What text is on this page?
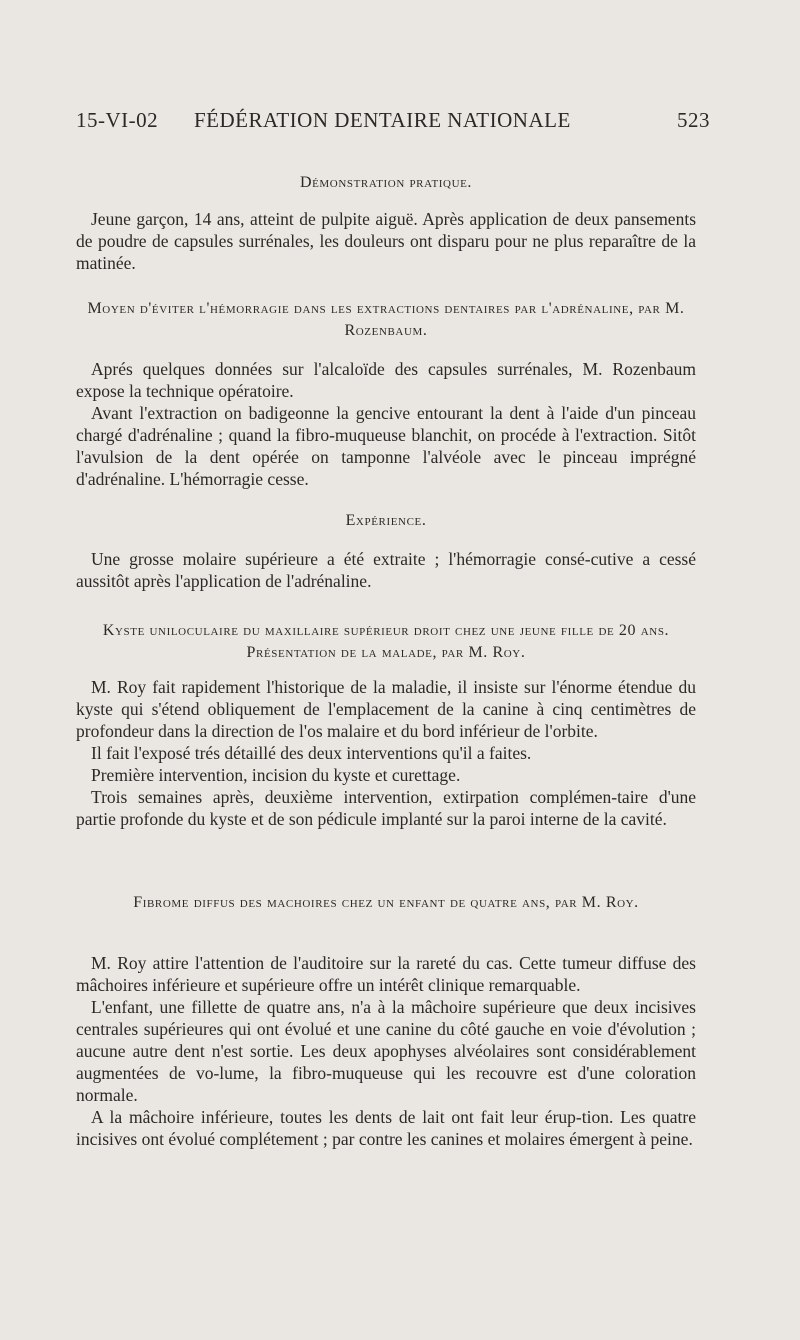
15-VI-02 FÉDÉRATION DENTAIRE NATIONALE	523
Démonstration pratique.

Jeune garçon, 14 ans, atteint de pulpite aiguë. Après application de deux pansements de poudre de capsules surrénales, les douleurs ont disparu pour ne plus reparaître de la matinée.

Moyen d'éviter l'hémorragie dans les extractions dentaires par l'adrénaline, par M. Rozenbaum.

Aprés quelques données sur l'alcaloïde des capsules surrénales, M. Rozenbaum expose la technique opératoire.

Avant l'extraction on badigeonne la gencive entourant la dent à l'aide d'un pinceau chargé d'adrénaline ; quand la fibro-muqueuse blanchit, on procéde à l'extraction. Sitôt l'avulsion de la dent opérée on tamponne l'alvéole avec le pinceau imprégné d'adrénaline. L'hémorragie cesse.

Expérience.

Une grosse molaire supérieure a été extraite ; l'hémorragie consé-cutive a cessé aussitôt après l'application de l'adrénaline.

Kyste uniloculaire du maxillaire supérieur droit chez une jeune fille de 20 ans. Présentation de la malade, par M. Roy.

M. Roy fait rapidement l'historique de la maladie, il insiste sur l'énorme étendue du kyste qui s'étend obliquement de l'emplacement de la canine à cinq centimètres de profondeur dans la direction de l'os malaire et du bord inférieur de l'orbite.

Il fait l'exposé trés détaillé des deux interventions qu'il a faites.

Première intervention, incision du kyste et curettage.

Trois semaines après, deuxième intervention, extirpation complémen-taire d'une partie profonde du kyste et de son pédicule implanté sur la paroi interne de la cavité.

Fibrome diffus des machoires chez un enfant de quatre ans, par M. Roy.

M. Roy attire l'attention de l'auditoire sur la rareté du cas. Cette tumeur diffuse des mâchoires inférieure et supérieure offre un intérêt clinique remarquable.

L'enfant, une fillette de quatre ans, n'a à la mâchoire supérieure que deux incisives centrales supérieures qui ont évolué et une canine du côté gauche en voie d'évolution ; aucune autre dent n'est sortie. Les deux apophyses alvéolaires sont considérablement augmentées de vo-lume, la fibro-muqueuse qui les recouvre est d'une coloration normale.

A la mâchoire inférieure, toutes les dents de lait ont fait leur érup-tion. Les quatre incisives ont évolué complétement ; par contre les canines et molaires émergent à peine.
